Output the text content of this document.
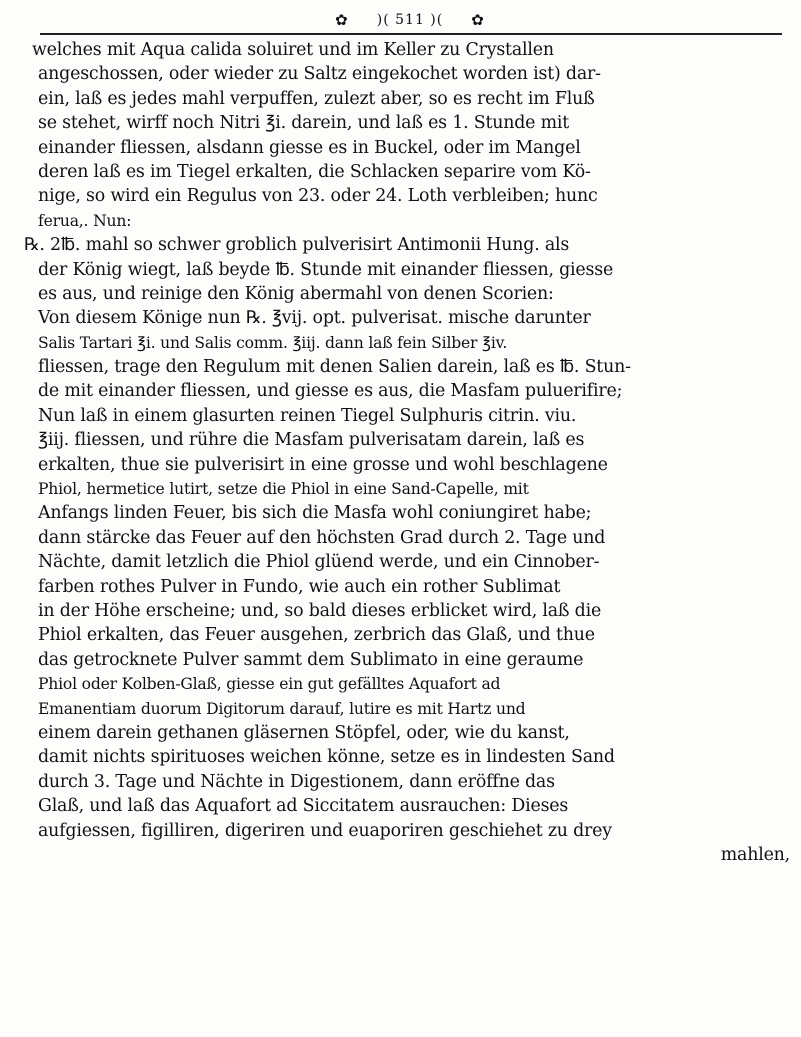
✿ )( 511 )( ✿
welches mit Aqua calida soluiret und im Keller zu Crystallen
angeschossen, oder wieder zu Saltz eingekochet worden ist) dar-
ein, laß es jedes mahl verpuffen, zulezt aber, so es recht im Fluß
se stehet, wirff noch Nitri ℥i. darein, und laß es 1. Stunde mit
einander fliessen, alsdann giesse es in Buckel, oder im Mangel
deren laß es im Tiegel erkalten, die Schlacken separire vom Kö-
nige, so wird ein Regulus von 23. oder 24. Loth verbleiben; hunc
ferua,. Nun:
℞. 2℔. mahl so schwer groblich pulverisirt Antimonii Hung. als
der König wiegt, laß beyde ℔. Stunde mit einander fliessen, giesse
es aus, und reinige den König abermahl von denen Scorien:
Von diesem Könige nun ℞. ℥vij. opt. pulverisat. mische darunter
Salis Tartari ℥i. und Salis comm. ℥iij. dann laß fein Silber ℥iv.
fliessen, trage den Regulum mit denen Salien darein, laß es ℔. Stun-
de mit einander fliessen, und giesse es aus, die Masfam puluerifire;
Nun laß in einem glasurten reinen Tiegel Sulphuris citrin. viu.
℥iij. fliessen, und rühre die Masfam pulverisatam darein, laß es
erkalten, thue sie pulverisirt in eine grosse und wohl beschlagene
Phiol, hermetice lutirt, setze die Phiol in eine Sand-Capelle, mit
Anfangs linden Feuer, bis sich die Masfa wohl coniungiret habe;
dann stärcke das Feuer auf den höchsten Grad durch 2. Tage und
Nächte, damit letzlich die Phiol glüend werde, und ein Cinnober-
farben rothes Pulver in Fundo, wie auch ein rother Sublimat
in der Höhe erscheine; und, so bald dieses erblicket wird, laß die
Phiol erkalten, das Feuer ausgehen, zerbrich das Glaß, und thue
das getrocknete Pulver sammt dem Sublimato in eine geraume
Phiol oder Kolben-Glaß, giesse ein gut gefälltes Aquafort ad
Emanentiam duorum Digitorum darauf, lutire es mit Hartz und
einem darein gethanen gläsernen Stöpfel, oder, wie du kanst,
damit nichts spirituoses weichen könne, setze es in lindesten Sand
durch 3. Tage und Nächte in Digestionem, dann eröffne das
Glaß, und laß das Aquafort ad Siccitatem ausrauchen: Dieses
aufgiessen, figilliren, digeriren und euaporiren geschiehet zu drey
mahlen,
